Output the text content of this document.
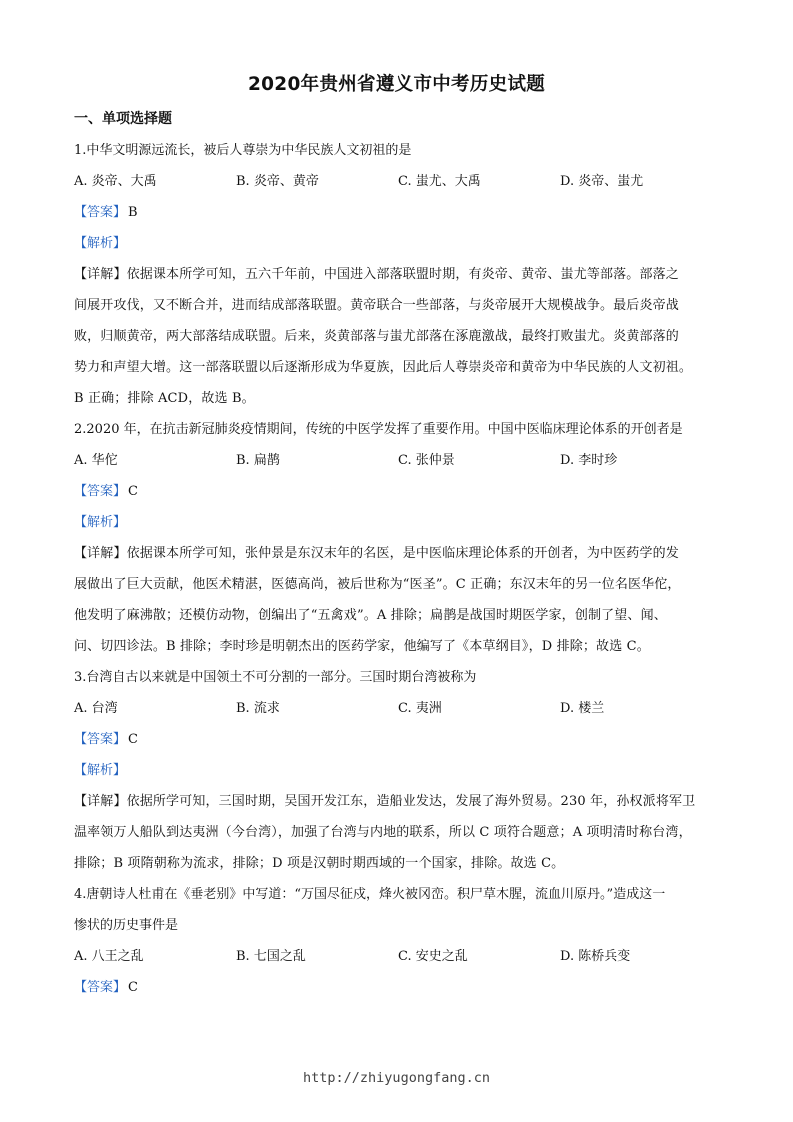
2020年贵州省遵义市中考历史试题
一、单项选择题
1.中华文明源远流长，被后人尊崇为中华民族人文初祖的是
A. 炎帝、大禹	B. 炎帝、黄帝	C. 蚩尤、大禹	D. 炎帝、蚩尤
【答案】 B
【解析】
【详解】依据课本所学可知，五六千年前，中国进入部落联盟时期，有炎帝、黄帝、蚩尤等部落。部落之
间展开攻伐，又不断合并，进而结成部落联盟。黄帝联合一些部落，与炎帝展开大规模战争。最后炎帝战
败，归顺黄帝，两大部落结成联盟。后来，炎黄部落与蚩尤部落在涿鹿激战，最终打败蚩尤。炎黄部落的
势力和声望大增。这一部落联盟以后逐渐形成为华夏族，因此后人尊崇炎帝和黄帝为中华民族的人文初祖。
B 正确；排除 ACD，故选 B。
2.2020 年，在抗击新冠肺炎疫情期间，传统的中医学发挥了重要作用。中国中医临床理论体系的开创者是
A. 华佗	B. 扁鹊	C. 张仲景	D. 李时珍
【答案】 C
【解析】
【详解】依据课本所学可知，张仲景是东汉末年的名医，是中医临床理论体系的开创者，为中医药学的发
展做出了巨大贡献，他医术精湛，医德高尚，被后世称为“医圣”。C 正确；东汉末年的另一位名医华佗，
他发明了麻沸散；还模仿动物，创编出了“五禽戏”。A 排除；扁鹊是战国时期医学家，创制了望、闻、
问、切四诊法。B 排除；李时珍是明朝杰出的医药学家，他编写了《本草纲目》，D 排除；故选 C。
3.台湾自古以来就是中国领土不可分割的一部分。三国时期台湾被称为
A. 台湾	B. 流求	C. 夷洲	D. 楼兰
【答案】 C
【解析】
【详解】依据所学可知，三国时期，吴国开发江东，造船业发达，发展了海外贸易。230 年，孙权派将军卫
温率领万人船队到达夷洲（今台湾），加强了台湾与内地的联系，所以 C 项符合题意；A 项明清时称台湾，
排除；B 项隋朝称为流求，排除；D 项是汉朝时期西域的一个国家，排除。故选 C。
4.唐朝诗人杜甫在《垂老别》中写道：“万国尽征戍，烽火被冈峦。积尸草木腥，流血川原丹。”造成这一
惨状的历史事件是
A. 八王之乱	B. 七国之乱	C. 安史之乱	D. 陈桥兵变
【答案】 C
http://zhiyugongfang.cn
